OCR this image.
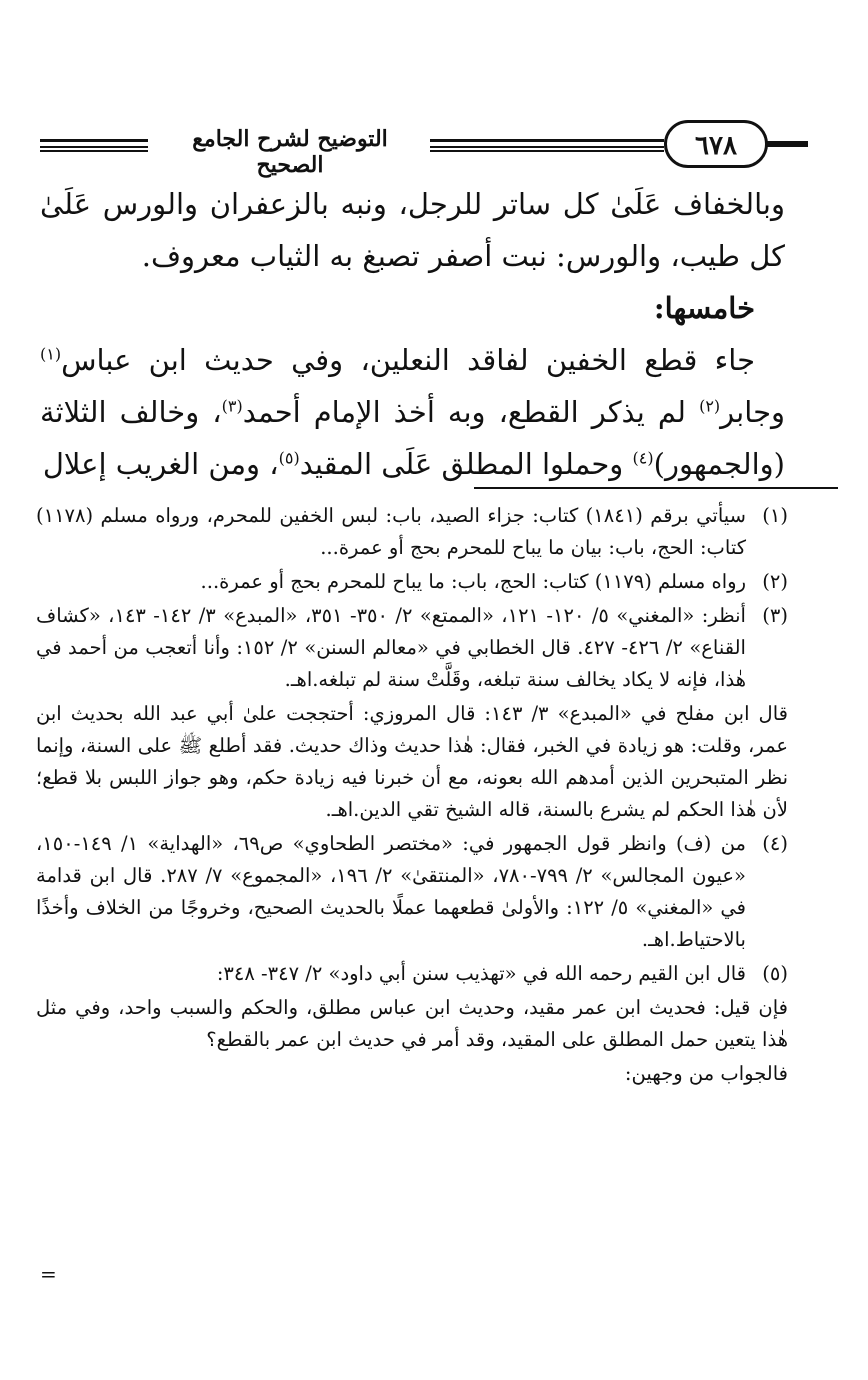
٦٧٨
التوضيح لشرح الجامع الصحيح

وبالخفاف عَلَىٰ كل ساتر للرجل، ونبه بالزعفران والورس عَلَىٰ كل طيب، والورس: نبت أصفر تصبغ به الثياب معروف.

خامسها:

جاء قطع الخفين لفاقد النعلين، وفي حديث ابن عباس$^{(١)}$ وجابر$^{(٢)}$ لم يذكر القطع، وبه أخذ الإمام أحمد$^{(٣)}$، وخالف الثلاثة (والجمهور)$^{(٤)}$ وحملوا المطلق عَلَى المقيد$^{(٥)}$، ومن الغريب إعلال

(١)
سيأتي برقم (١٨٤١) كتاب: جزاء الصيد، باب: لبس الخفين للمحرم، ورواه مسلم (١١٧٨) كتاب: الحج، باب: بيان ما يباح للمحرم بحج أو عمرة...
(٢)
رواه مسلم (١١٧٩) كتاب: الحج، باب: ما يباح للمحرم بحج أو عمرة...
(٣)
أنظر: «المغني» ٥/ ١٢٠- ١٢١، «الممتع» ٢/ ٣٥٠- ٣٥١، «المبدع» ٣/ ١٤٢- ١٤٣، «كشاف القناع» ٢/ ٤٢٦- ٤٢٧. قال الخطابي في «معالم السنن» ٢/ ١٥٢: وأنا أتعجب من أحمد في هٰذا، فإنه لا يكاد يخالف سنة تبلغه، وقَلَّتْ سنة لم تبلغه.اهـ.
قال ابن مفلح في «المبدع» ٣/ ١٤٣: قال المروزي: أحتججت علىٰ أبي عبد الله بحديث ابن عمر، وقلت: هو زيادة في الخبر، فقال: هٰذا حديث وذاك حديث. فقد أطلع ﷺ على السنة، وإنما نظر المتبحرين الذين أمدهم الله بعونه، مع أن خبرنا فيه زيادة حكم، وهو جواز اللبس بلا قطع؛ لأن هٰذا الحكم لم يشرع بالسنة، قاله الشيخ تقي الدين.اهـ.
(٤)
من (ف) وانظر قول الجمهور في: «مختصر الطحاوي» ص٦٩، «الهداية» ١/ ١٤٩-١٥٠، «عيون المجالس» ٢/ ٧٩٩-٧٨٠، «المنتقىٰ» ٢/ ١٩٦، «المجموع» ٧/ ٢٨٧. قال ابن قدامة في «المغني» ٥/ ١٢٢: والأولىٰ قطعهما عملًا بالحديث الصحيح، وخروجًا من الخلاف وأخذًا بالاحتياط.اهـ.
(٥)
قال ابن القيم رحمه الله في «تهذيب سنن أبي داود» ٢/ ٣٤٧- ٣٤٨:
فإن قيل: فحديث ابن عمر مقيد، وحديث ابن عباس مطلق، والحكم والسبب واحد، وفي مثل هٰذا يتعين حمل المطلق على المقيد، وقد أمر في حديث ابن عمر بالقطع؟
فالجواب من وجهين:
=
